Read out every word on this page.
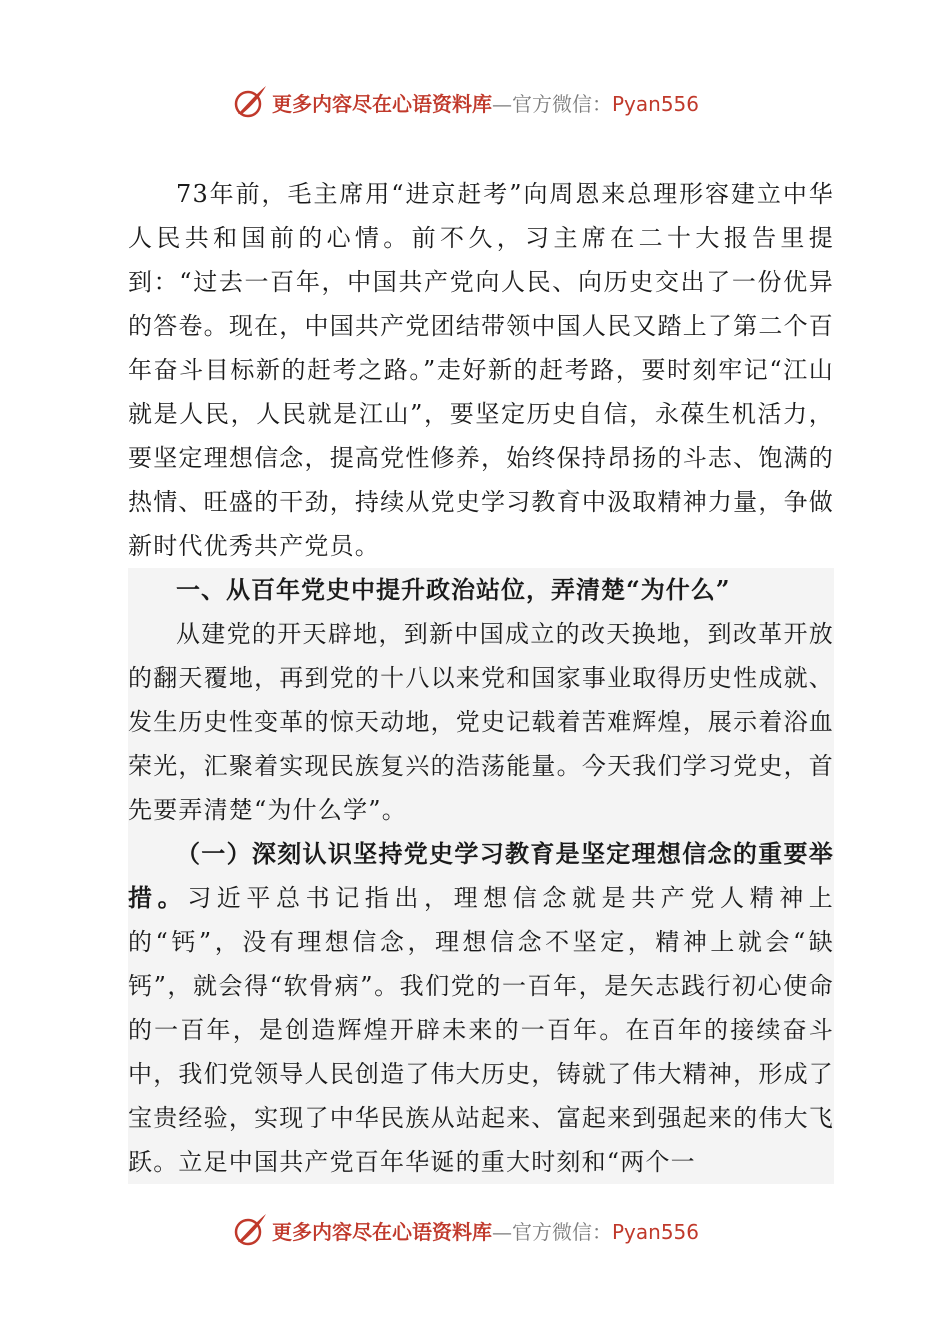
更多内容尽在心语资料库—官方微信：Pyan556

73年前，毛主席用“进京赶考”向周恩来总理形容建立中华人民共和国前的心情。前不久，习主席在二十大报告里提到：“过去一百年，中国共产党向人民、向历史交出了一份优异的答卷。现在，中国共产党团结带领中国人民又踏上了第二个百年奋斗目标新的赶考之路。”走好新的赶考路，要时刻牢记“江山就是人民，人民就是江山”，要坚定历史自信，永葆生机活力，要坚定理想信念，提高党性修养，始终保持昂扬的斗志、饱满的热情、旺盛的干劲，持续从党史学习教育中汲取精神力量，争做新时代优秀共产党员。

一、从百年党史中提升政治站位，弄清楚“为什么”

从建党的开天辟地，到新中国成立的改天换地，到改革开放的翻天覆地，再到党的十八以来党和国家事业取得历史性成就、发生历史性变革的惊天动地，党史记载着苦难辉煌，展示着浴血荣光，汇聚着实现民族复兴的浩荡能量。今天我们学习党史，首先要弄清楚“为什么学”。

（一）深刻认识坚持党史学习教育是坚定理想信念的重要举措。习近平总书记指出，理想信念就是共产党人精神上的“钙”，没有理想信念，理想信念不坚定，精神上就会“缺钙”，就会得“软骨病”。我们党的一百年，是矢志践行初心使命的一百年，是创造辉煌开辟未来的一百年。在百年的接续奋斗中，我们党领导人民创造了伟大历史，铸就了伟大精神，形成了宝贵经验，实现了中华民族从站起来、富起来到强起来的伟大飞跃。立足中国共产党百年华诞的重大时刻和“两个一

更多内容尽在心语资料库—官方微信：Pyan556
